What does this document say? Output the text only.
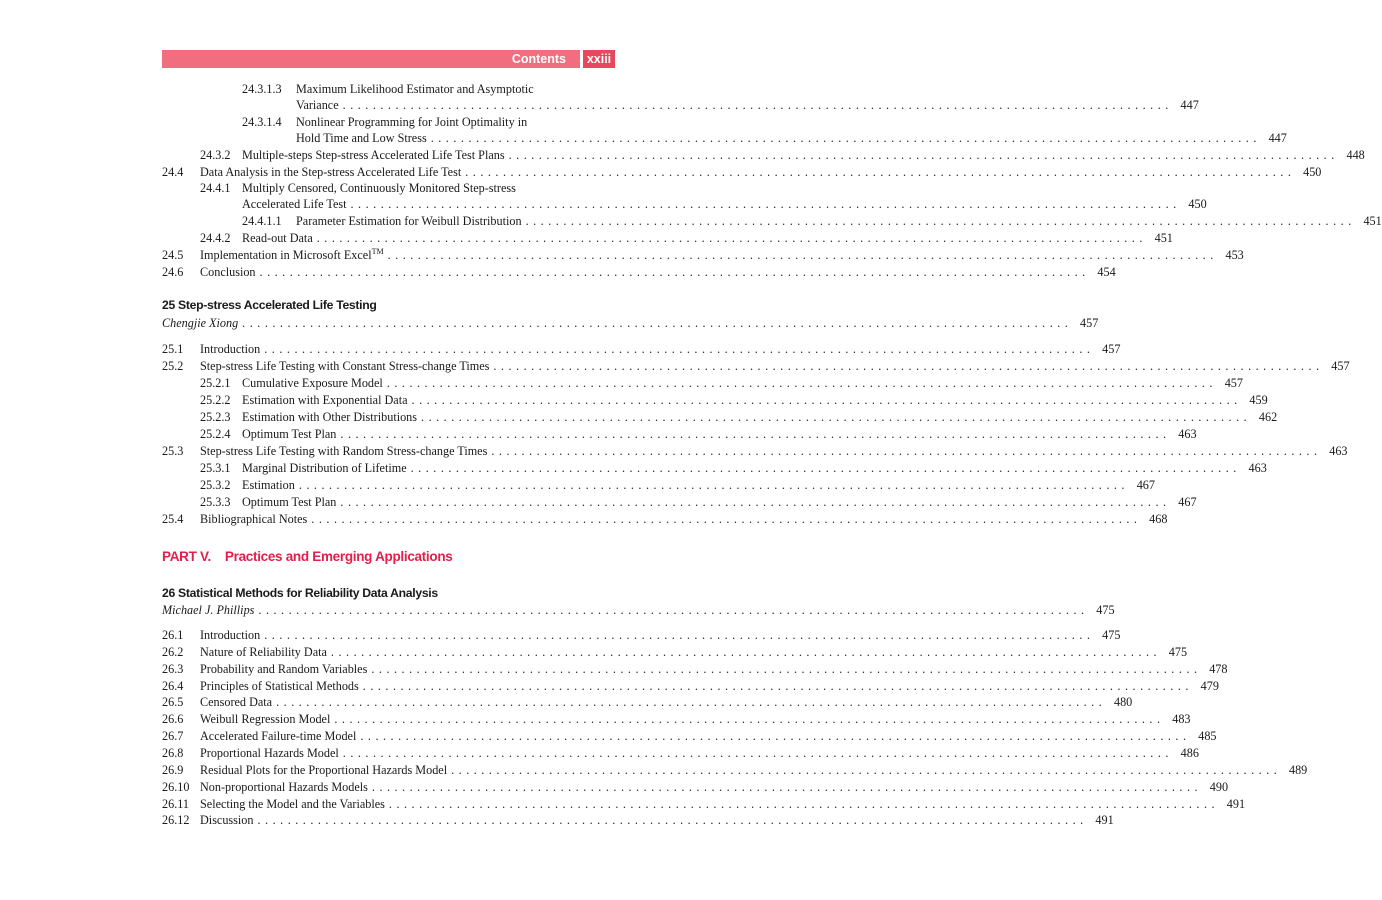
Contents	xxiii
24.3.1.3 Maximum Likelihood Estimator and Asymptotic
Variance .............................................................................................................. 447
24.3.1.4 Nonlinear Programming for Joint Optimality in
Hold Time and Low Stress .............................................................................................................. 447
24.3.2 Multiple-steps Step-stress Accelerated Life Test Plans .............................................................................................................. 448
24.4 Data Analysis in the Step-stress Accelerated Life Test .............................................................................................................. 450
24.4.1 Multiply Censored, Continuously Monitored Step-stress
Accelerated Life Test .............................................................................................................. 450
24.4.1.1 Parameter Estimation for Weibull Distribution .............................................................................................................. 451
24.4.2 Read-out Data .............................................................................................................. 451
24.5 Implementation in Microsoft Excel™ .............................................................................................................. 453
24.6 Conclusion .............................................................................................................. 454
25 Step-stress Accelerated Life Testing
Chengjie Xiong .............................................................................................................. 457
25.1 Introduction .............................................................................................................. 457
25.2 Step-stress Life Testing with Constant Stress-change Times .............................................................................................................. 457
25.2.1 Cumulative Exposure Model .............................................................................................................. 457
25.2.2 Estimation with Exponential Data .............................................................................................................. 459
25.2.3 Estimation with Other Distributions .............................................................................................................. 462
25.2.4 Optimum Test Plan .............................................................................................................. 463
25.3 Step-stress Life Testing with Random Stress-change Times .............................................................................................................. 463
25.3.1 Marginal Distribution of Lifetime .............................................................................................................. 463
25.3.2 Estimation .............................................................................................................. 467
25.3.3 Optimum Test Plan .............................................................................................................. 467
25.4 Bibliographical Notes .............................................................................................................. 468
PART V. Practices and Emerging Applications
26 Statistical Methods for Reliability Data Analysis
Michael J. Phillips .............................................................................................................. 475
26.1 Introduction .............................................................................................................. 475
26.2 Nature of Reliability Data .............................................................................................................. 475
26.3 Probability and Random Variables .............................................................................................................. 478
26.4 Principles of Statistical Methods .............................................................................................................. 479
26.5 Censored Data .............................................................................................................. 480
26.6 Weibull Regression Model .............................................................................................................. 483
26.7 Accelerated Failure-time Model .............................................................................................................. 485
26.8 Proportional Hazards Model .............................................................................................................. 486
26.9 Residual Plots for the Proportional Hazards Model .............................................................................................................. 489
26.10 Non-proportional Hazards Models .............................................................................................................. 490
26.11 Selecting the Model and the Variables .............................................................................................................. 491
26.12 Discussion .............................................................................................................. 491
